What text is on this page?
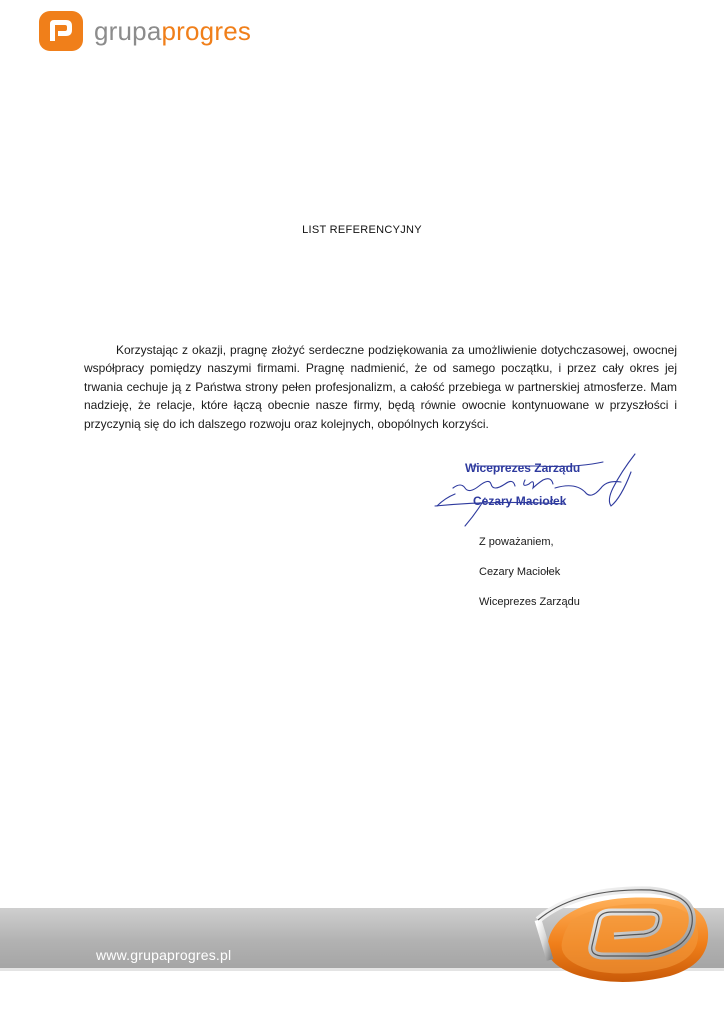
grupaprogres
LIST REFERENCYJNY
Korzystając z okazji, pragnę złożyć serdeczne podziękowania za umożliwienie dotychczasowej, owocnej współpracy pomiędzy naszymi firmami. Pragnę nadmienić, że od samego początku, i przez cały okres jej trwania cechuje ją z Państwa strony pełen profesjonalizm, a całość przebiega w partnerskiej atmosferze. Mam nadzieję, że relacje, które łączą obecnie nasze firmy, będą równie owocnie kontynuowane w przyszłości i przyczynią się do ich dalszego rozwoju oraz kolejnych, obopólnych korzyści.
Wiceprezes Zarządu
Cezary Maciołek
Z poważaniem,
Cezary Maciołek
Wiceprezes Zarządu
www.grupaprogres.pl
